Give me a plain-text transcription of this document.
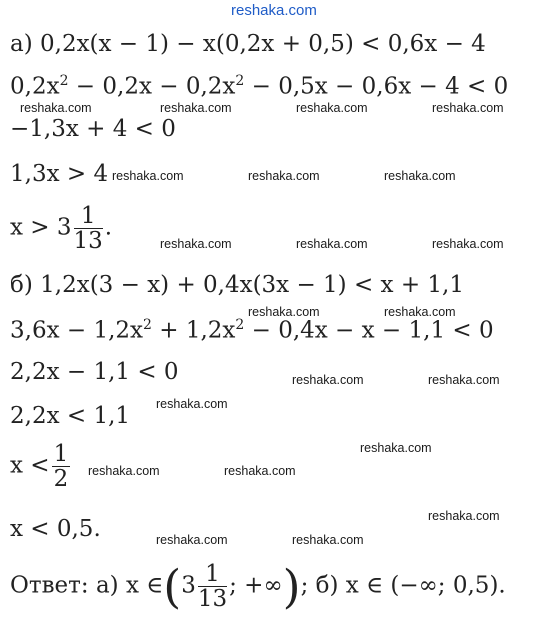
reshaka.com
а) 0,2x(x − 1) − x(0,2x + 0,5) < 0,6x − 4
$0,2x^2 - 0,2x - 0,2x^2 - 0,5x - 0,6x - 4 < 0$
−1,3x + 4 < 0
1,3x > 4
$x > 3 \frac{1}{13}$ .
б) 1,2x(3 − x) + 0,4x(3x − 1) < x + 1,1
$3,6x - 1,2x^2 + 1,2x^2 - 0,4x - x - 1,1 < 0$
2,2x − 1,1 < 0
2,2x < 1,1
$x < \frac{1}{2}$
x < 0,5.
Ответ: а) x ∈(3 $\frac{1}{13}$ ; +∞); б) x ∈ (−∞; 0,5).
reshaka.com	reshaka.com	reshaka.com	reshaka.com
reshaka.com	reshaka.com	reshaka.com
reshaka.com	reshaka.com	reshaka.com
reshaka.com	reshaka.com
reshaka.com	reshaka.com
reshaka.com
reshaka.com
reshaka.com	reshaka.com
reshaka.com
reshaka.com	reshaka.com
